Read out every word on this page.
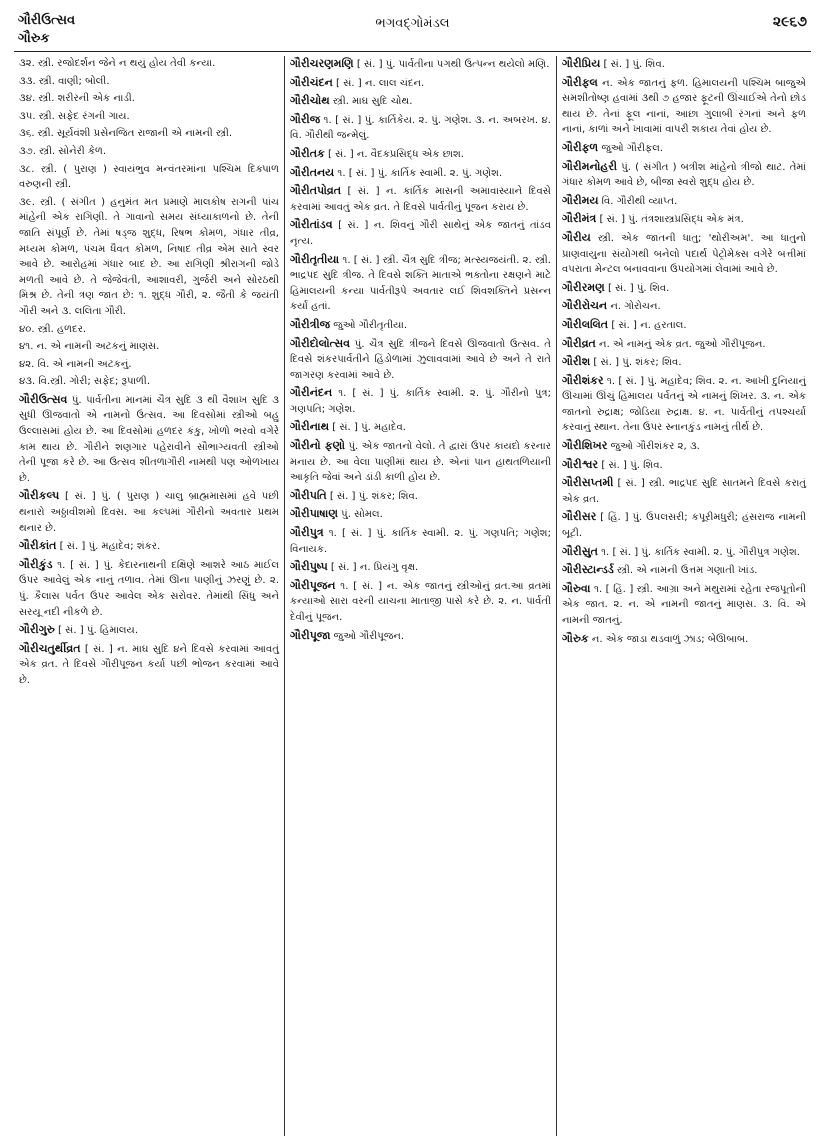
ગૌરીઉત્સવ
ગૌરુક
ભગવદ્ગોમંડલ	૨૯૬૭

૩૨. સ્ત્રી. રજોદર્શન જેને ન થયું હોય તેવી કન્યા.

૩૩. સ્ત્રી. વાણી; બોલી.

૩૪. સ્ત્રી. શરીરની એક નાડી.

૩૫. સ્ત્રી. સફેદ રંગની ગાય.

૩૬. સ્ત્રી. સૂર્યવંશી પ્રસેનજિત રાજાની એ નામની સ્ત્રી.

૩૭. સ્ત્રી. સોનેરી કેળ.

૩૮. સ્ત્રી. ( પુરાણ ) સ્વાયંભુવ મન્વંતરમાંના પશ્ચિમ દિક્પાળ વરુણની સ્ત્રી.

૩૯. સ્ત્રી. ( સંગીત ) હનુમંત મત પ્રમાણે માલકોષ રાગની પાંચ માંહેની એક રાગિણી. તે ગાવાનો સમય સંધ્યાકાળનો છે. તેની જાતિ સંપૂર્ણ છે. તેમાં ષડ્જ શુદ્ધ, રિષભ કોમળ, ગંધાર તીવ્ર, મધ્યમ કોમળ, પંચમ ધૈવત કોમળ, નિષાદ તીવ્ર એમ સાતે સ્વર આવે છે. આરોહમાં ગંધાર બાદ છે. આ રાગિણી શ્રીરાગની જોડે મળતી આવે છે. તે જેજેવંતી, આશાવરી, ગુર્જરી અને સોરઠથી મિશ્ર છે. તેની ત્રણ જાત છે: ૧. શુદ્ધ ગૌરી, ૨. જૈતી કે જયંતી ગૌરી અને ૩. લલિતા ગૌરી.

૪૦. સ્ત્રી. હળદર.

૪૧. ન. એ નામની અટકનું માણસ.

૪૨. વિ. એ નામની અટકનું.

૪૩. વિ.સ્ત્રી. ગોરી; સફેદ; રૂપાળી.

ગૌરીઉત્સવ પું. પાર્વતીના માનમાં ચૈત્ર સુદિ ૩ થી વૈશાખ સુદિ ૩ સુધી ઊજવાતો એ નામનો ઉત્સવ. આ દિવસોમાં સ્ત્રીઓ બહુ ઉલ્લાસમાં હોય છે. આ દિવસોમાં હળદર કંકુ, ખોળો ભરવો વગેરે કામ થાય છે. ગૌરીને શણગાર પહેરાવીને સૌભાગ્યવતી સ્ત્રીઓ તેની પૂજા કરે છે. આ ઉત્સવ શીતળાગૌરી નામથી પણ ઓળખાય છે.

ગૌરીકલ્પ [ સં. ] પું. ( પુરાણ ) ચાલુ બ્રાહ્મમાસમાં હવે પછી થનારો અઠ્ઠાવીશમો દિવસ. આ કલ્પમાં ગૌરીનો અવતાર પ્રથમ થનાર છે.

ગૌરીકાંત [ સં. ] પું. મહાદેવ; શંકર.

ગૌરીકુંડ ૧. [ સં. ] પું. કેદારનાથની દક્ષિણે આશરે આઠ માઈલ ઉપર આવેલું એક નાનું તળાવ. તેમાં ઊના પાણીનું ઝરણું છે. ૨. પું. કૈલાસ પર્વત ઉપર આવેલ એક સરોવર. તેમાંથી સિંધુ અને સરયૂ નદી નીકળે છે.

ગૌરીગુરુ [ સં. ] પું. હિમાલય.

ગૌરીચતુર્થીવ્રત [ સં. ] ન. માઘ સુદિ ૪ને દિવસે કરવામાં આવતું એક વ્રત. તે દિવસે ગૌરીપૂજન કર્યા પછી ભોજન કરવામાં આવે છે.

ગૌરીચરણમણિ [ સં. ] પું. પાર્વતીના પગથી ઉત્પન્ન થયેલો મણિ.

ગૌરીચંદન [ સં. ] ન. લાલ ચંદન.

ગૌરીચોથ સ્ત્રી. માઘ સુદિ ચોથ.

ગૌરીજ ૧. [ સં. ] પું. કાર્તિકેય. ૨. પું. ગણેશ. ૩. ન. અબરખ. ૪. વિ. ગૌરીથી જન્મેલું.

ગૌરીતક [ સં. ] ન. વૈદકપ્રસિદ્ધ એક છાશ.

ગૌરીતનય ૧. [ સં. ] પું. કાર્તિક સ્વામી. ૨. પું. ગણેશ.

ગૌરીતપોવ્રત [ સં. ] ન. કાર્તિક માસની અમાવાસ્યાને દિવસે કરવામાં આવતું એક વ્રત. તે દિવસે પાર્વતીનું પૂજન કરાય છે.

ગૌરીતાંડવ [ સં. ] ન. શિવનું ગૌરી સાથેનું એક જાતનું તાંડવ નૃત્ય.

ગૌરીતૃતીયા ૧. [ સં. ] સ્ત્રી. ચૈત્ર સુદિ ત્રીજ; મત્સ્યજયંતી. ૨. સ્ત્રી. ભાદ્રપદ સુદિ ત્રીજ. તે દિવસે શક્તિ માતાએ ભક્તોના રક્ષણને માટે હિમાલયની કન્યા પાર્વતીરૂપે અવતાર લઈ શિવશક્તિને પ્રસન્ન કર્યાં હતાં.

ગૌરીત્રીજ જુઓ ગૌરીતૃતીયા.

ગૌરીદોલોત્સવ પું. ચૈત્ર સુદિ ત્રીજને દિવસે ઊજવાતો ઉત્સવ. તે દિવસે શંકરપાર્વતીને હિંડોળામાં ઝુલાવવામાં આવે છે અને તે રાતે જાગરણ કરવામાં આવે છે.

ગૌરીનંદન ૧. [ સં. ] પું. કાર્તિક સ્વામી. ૨. પું. ગૌરીનો પુત્ર; ગણપતિ; ગણેશ.

ગૌરીનાથ [ સં. ] પું. મહાદેવ.

ગૌરીનો ફણો પું. એક જાતનો વેલો. તે દ્વારાં ઉપર કાયદો કરનાર મનાય છે. આ વેલા પાણીમાં થાય છે. એનાં પાન હાથતળિયાની આકૃતિ જેવાં અને ડાંડી કાળી હોય છે.

ગૌરીપતિ [ સં. ] પું. શંકર; શિવ.

ગૌરીપાષાણ પું. સોમલ.

ગૌરીપુત્ર ૧. [ સં. ] પું. કાર્તિક સ્વામી. ૨. પું. ગણપતિ; ગણેશ; વિનાયક.

ગૌરીપુષ્પ [ સં. ] ન. પ્રિયંગુ વૃક્ષ.

ગૌરીપૂજન ૧. [ સં. ] ન. એક જાતનું સ્ત્રીઓનું વ્રત.આ વ્રતમાં કન્યાઓ સારા વરની યાચના માતાજી પાસે કરે છે. ૨. ન. પાર્વતી દેવીનું પૂજન.

ગૌરીપૂજા જુઓ ગૌરીપૂજન.

ગૌરીપ્રિય [ સં. ] પું. શિવ.

ગૌરીફલ ન. એક જાતનું ફળ. હિમાલયની પશ્ચિમ બાજુએ સમશીતોષ્ણ હવામાં ૩થી ૭ હજાર ફૂટની ઊંચાઈએ તેનો છોડ થાય છે. તેનાં ફૂલ નાનાં, આછા ગુલાબી રંગનાં અને ફળ નાનાં, કાળાં અને ખાવામાં વાપરી શકાય તેવાં હોય છે.

ગૌરીફળ જુઓ ગૌરીફલ.

ગૌરીમનોહરી પું. ( સંગીત ) બત્રીશ માંહેનો ત્રીજો થાટ. તેમાં ગંધાર કોમળ આવે છે, બીજા સ્વરો શુદ્ધ હોય છે.

ગૌરીમય વિ. ગૌરીથી વ્યાપ્ત.

ગૌરીમંત્ર [ સં. ] પું. તંત્રશાસ્ત્રપ્રસિદ્ધ એક મંત્ર.

ગૌરીય સ્ત્રી. એક જાતની ધાતુ; 'થોરીઅમ'. આ ધાતુનો પ્રાણવાયુના સંયોગથી બનેલો પદાર્થ પેટ્રોમેક્સ વગેરે બત્તીમાં વપરાતા મેન્ટલ બનાવવાના ઉપયોગમાં લેવામાં આવે છે.

ગૌરીરમણ [ સં. ] પું. શિવ.

ગૌરીરોચન ન. ગોરોચન.

ગૌરીલલિત [ સં. ] ન. હરતાલ.

ગૌરીવ્રત ન. એ નામનું એક વ્રત. જુઓ ગૌરીપૂજન.

ગૌરીશ [ સં. ] પું. શંકર; શિવ.

ગૌરીશંકર ૧. [ સં. ] પું. મહાદેવ; શિવ. ૨. ન. આખી દુનિયાનું ઊંચામાં ઊંચું હિમાલય પર્વતનું એ નામનું શિખર. ૩. ન. એક જાતનો રુદ્રાક્ષ; જોડિયા રુદ્રાક્ષ. ૪. ન. પાર્વતીનું તપશ્ચર્યા કરવાનું સ્થાન. તેના ઉપર સ્નાનકુંડ નામનું તીર્થ છે.

ગૌરીશિખર જુઓ ગૌરીશંકર ૨, ૩.

ગૌરીશ્વર [ સં. ] પું. શિવ.

ગૌરીસપ્તમી [ સં. ] સ્ત્રી. ભાદ્રપદ સુદિ સાતમને દિવસે કરાતું એક વ્રત.

ગૌરીસર [ હિં. ] પું. ઉપલસરી; કપૂરીમધુરી; હંસરાજ નામની બૂટી.

ગૌરીસુત ૧. [ સં. ] પું. કાર્તિક સ્વામી. ૨. પું. ગૌરીપુત્ર ગણેશ.

ગૌરીસ્ટાન્ડર્ડ સ્ત્રી. એ નામની ઉત્તમ ગણાતી ખાંડ.

ગૌરુવા ૧. [ હિં. ] સ્ત્રી. આગ્રા અને મથુરામાં રહેતા રજપૂતોની એક જાત. ૨. ન. એ નામની જાતનું માણસ. ૩. વિ. એ નામની જાતનું.

ગૌરુક ન. એક જાડા થડવાળું ઝાડ; બેઊબાબ.
